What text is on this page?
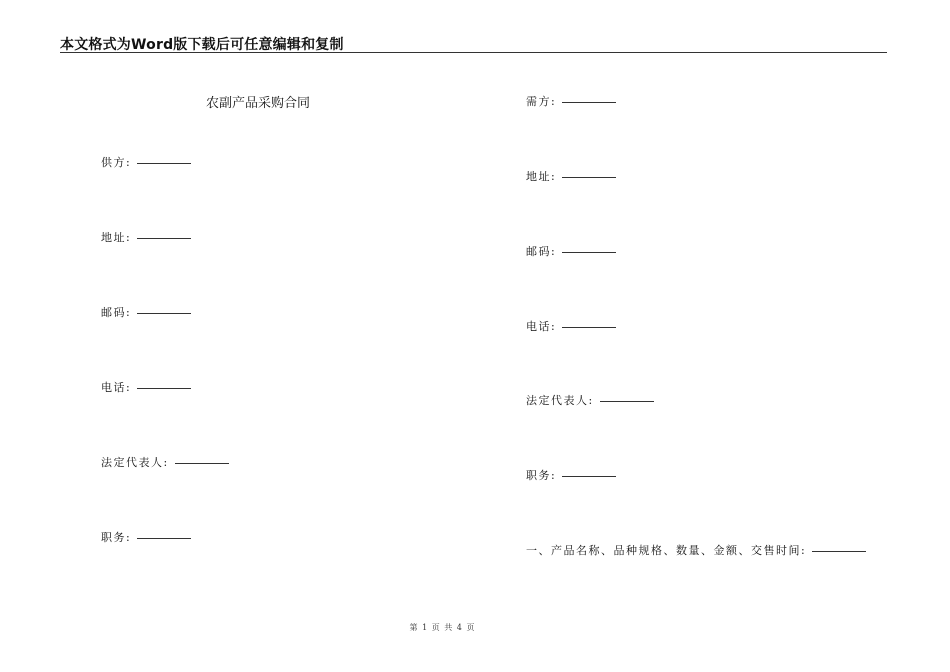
本文格式为Word版下载后可任意编辑和复制
农副产品采购合同
供方:
地址:
邮码:
电话:
法定代表人:
职务:
需方:
地址:
邮码:
电话:
法定代表人:
职务:
一、产品名称、品种规格、数量、金额、交售时间:
第 1 页 共 4 页
